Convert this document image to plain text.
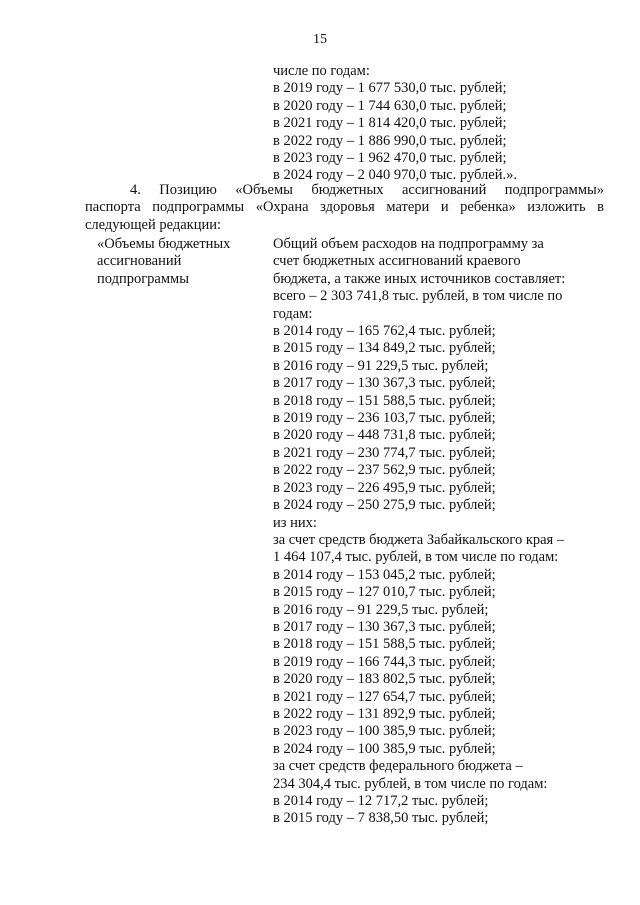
15
числе по годам:
в 2019 году – 1 677 530,0 тыс. рублей;
в 2020 году – 1 744 630,0 тыс. рублей;
в 2021 году – 1 814 420,0 тыс. рублей;
в 2022 году – 1 886 990,0 тыс. рублей;
в 2023 году – 1 962 470,0 тыс. рублей;
в 2024 году – 2 040 970,0 тыс. рублей.».

4. Позицию «Объемы бюджетных ассигнований подпрограммы»

паспорта подпрограммы «Охрана здоровья матери и ребенка» изложить в

следующей редакции:

«Объемы бюджетных
ассигнований
подпрограммы
Общий объем расходов на подпрограмму за
счет бюджетных ассигнований краевого
бюджета, а также иных источников составляет:
всего – 2 303 741,8 тыс. рублей, в том числе по
годам:
в 2014 году – 165 762,4 тыс. рублей;
в 2015 году – 134 849,2 тыс. рублей;
в 2016 году – 91 229,5 тыс. рублей;
в 2017 году – 130 367,3 тыс. рублей;
в 2018 году – 151 588,5 тыс. рублей;
в 2019 году – 236 103,7 тыс. рублей;
в 2020 году – 448 731,8 тыс. рублей;
в 2021 году – 230 774,7 тыс. рублей;
в 2022 году – 237 562,9 тыс. рублей;
в 2023 году – 226 495,9 тыс. рублей;
в 2024 году – 250 275,9 тыс. рублей;
из них:
за счет средств бюджета Забайкальского края –
1 464 107,4 тыс. рублей, в том числе по годам:
в 2014 году – 153 045,2 тыс. рублей;
в 2015 году – 127 010,7 тыс. рублей;
в 2016 году – 91 229,5 тыс. рублей;
в 2017 году – 130 367,3 тыс. рублей;
в 2018 году – 151 588,5 тыс. рублей;
в 2019 году – 166 744,3 тыс. рублей;
в 2020 году – 183 802,5 тыс. рублей;
в 2021 году – 127 654,7 тыс. рублей;
в 2022 году – 131 892,9 тыс. рублей;
в 2023 году – 100 385,9 тыс. рублей;
в 2024 году – 100 385,9 тыс. рублей;
за счет средств федерального бюджета –
234 304,4 тыс. рублей, в том числе по годам:
в 2014 году – 12 717,2 тыс. рублей;
в 2015 году – 7 838,50 тыс. рублей;
